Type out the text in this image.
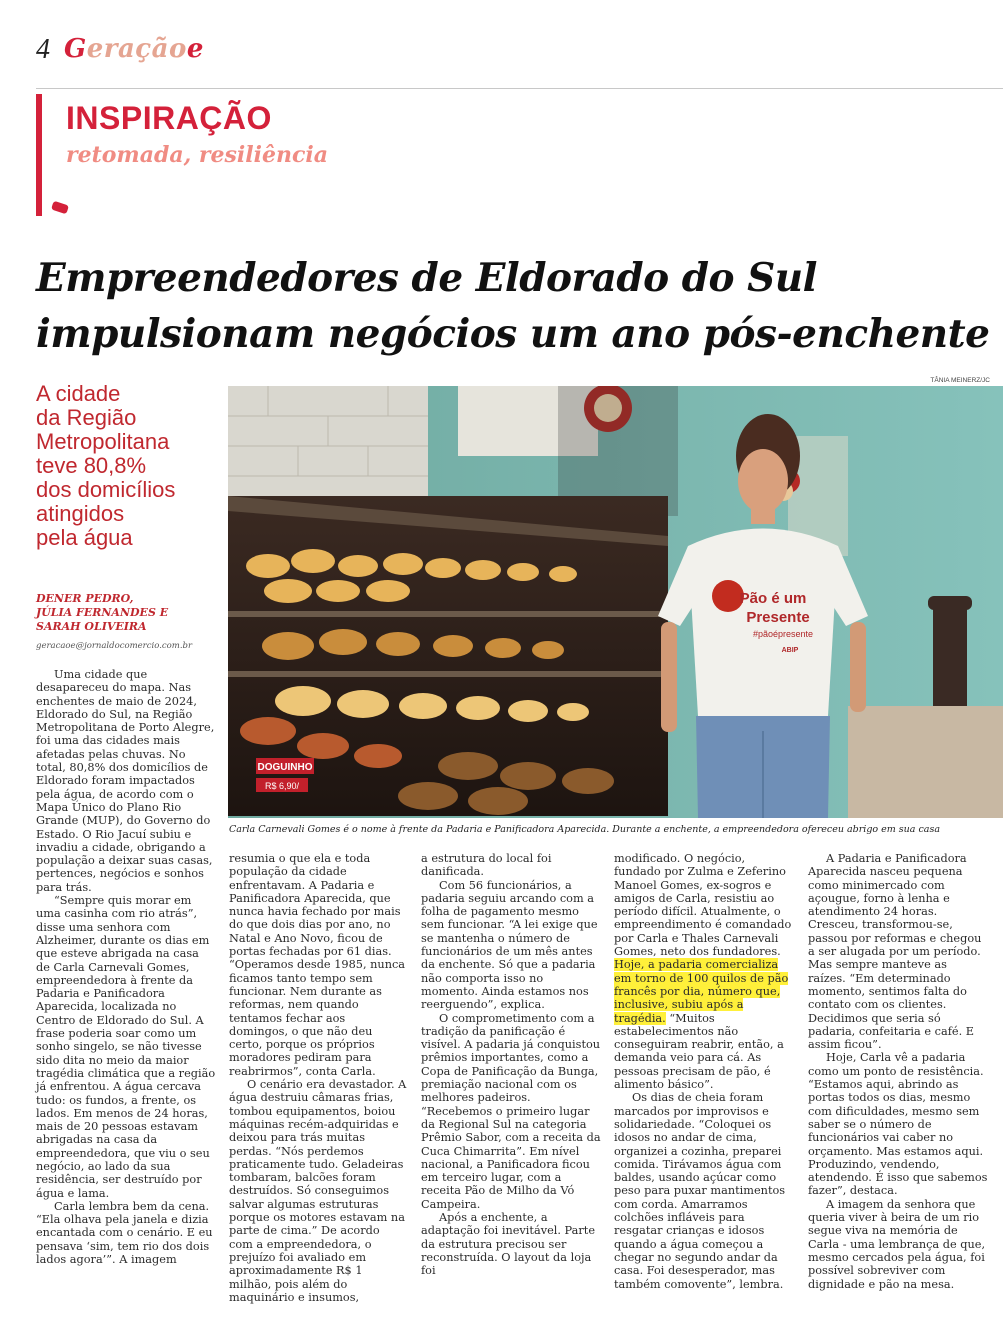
4 Geraçãoe
INSPIRAÇÃO
retomada, resiliência
Empreendedores de Eldorado do Sul
impulsionam negócios um ano pós-enchente
A cidade
da Região
Metropolitana
teve 80,8%
dos domicílios
atingidos
pela água
DENER PEDRO,
JÚLIA FERNANDES E
SARAH OLIVEIRA
geracaoe@jornaldocomercio.com.br
TÂNIA MEINERZ/JC
DOGUINHO
R$ 6,90/
Pão é um
Presente
#pãoépresente
ABIP
Carla Carnevali Gomes é o nome à frente da Padaria e Panificadora Aparecida. Durante a enchente, a empreendedora ofereceu abrigo em sua casa

Uma cidade que desapareceu do mapa. Nas enchentes de maio de 2024, Eldorado do Sul, na Região Metropolitana de Porto Alegre, foi uma das cidades mais afetadas pelas chuvas. No total, 80,8% dos domicílios de Eldorado foram impactados pela água, de acordo com o Mapa Único do Plano Rio Grande (MUP), do Governo do Estado. O Rio Jacuí subiu e invadiu a cidade, obrigando a população a deixar suas casas, pertences, negócios e sonhos para trás.

“Sempre quis morar em uma casinha com rio atrás”, disse uma senhora com Alzheimer, durante os dias em que esteve abrigada na casa de Carla Carnevali Gomes, empreendedora à frente da Padaria e Panificadora Aparecida, localizada no Centro de Eldorado do Sul. A frase poderia soar como um sonho singelo, se não tivesse sido dita no meio da maior tragédia climática que a região já enfrentou. A água cercava tudo: os fundos, a frente, os lados. Em menos de 24 horas, mais de 20 pessoas estavam abrigadas na casa da empreendedora, que viu o seu negócio, ao lado da sua residência, ser destruído por água e lama.

Carla lembra bem da cena. “Ela olhava pela janela e dizia encantada com o cenário. E eu pensava ‘sim, tem rio dos dois lados agora’”. A imagem

resumia o que ela e toda população da cidade enfrentavam. A Padaria e Panificadora Aparecida, que nunca havia fechado por mais do que dois dias por ano, no Natal e Ano Novo, ficou de portas fechadas por 61 dias. “Operamos desde 1985, nunca ficamos tanto tempo sem funcionar. Nem durante as reformas, nem quando tentamos fechar aos domingos, o que não deu certo, porque os próprios moradores pediram para reabrirmos”, conta Carla.

O cenário era devastador. A água destruiu câmaras frias, tombou equipamentos, boiou máquinas recém-adquiridas e deixou para trás muitas perdas. “Nós perdemos praticamente tudo. Geladeiras tombaram, balcões foram destruídos. Só conseguimos salvar algumas estruturas porque os motores estavam na parte de cima.” De acordo com a empreendedora, o prejuízo foi avaliado em aproximadamente R$ 1 milhão, pois além do maquinário e insumos,

a estrutura do local foi danificada.

Com 56 funcionários, a padaria seguiu arcando com a folha de pagamento mesmo sem funcionar. “A lei exige que se mantenha o número de funcionários de um mês antes da enchente. Só que a padaria não comporta isso no momento. Ainda estamos nos reerguendo”, explica.

O comprometimento com a tradição da panificação é visível. A padaria já conquistou prêmios importantes, como a Copa de Panificação da Bunga, premiação nacional com os melhores padeiros. “Recebemos o primeiro lugar da Regional Sul na categoria Prêmio Sabor, com a receita da Cuca Chimarrita”. Em nível nacional, a Panificadora ficou em terceiro lugar, com a receita Pão de Milho da Vó Campeira.

Após a enchente, a adaptação foi inevitável. Parte da estrutura precisou ser reconstruída. O layout da loja foi

modificado. O negócio, fundado por Zulma e Zeferino Manoel Gomes, ex-sogros e amigos de Carla, resistiu ao período difícil. Atualmente, o empreendimento é comandado por Carla e Thales Carnevali Gomes, neto dos fundadores. Hoje, a padaria comercializa em torno de 100 quilos de pão francês por dia, número que, inclusive, subiu após a tragédia. “Muitos estabelecimentos não conseguiram reabrir, então, a demanda veio para cá. As pessoas precisam de pão, é alimento básico”.

Os dias de cheia foram marcados por improvisos e solidariedade. “Coloquei os idosos no andar de cima, organizei a cozinha, preparei comida. Tirávamos água com baldes, usando açúcar como peso para puxar mantimentos com corda. Amarramos colchões infláveis para resgatar crianças e idosos quando a água começou a chegar no segundo andar da casa. Foi desesperador, mas também comovente”, lembra.

A Padaria e Panificadora Aparecida nasceu pequena como minimercado com açougue, forno à lenha e atendimento 24 horas. Cresceu, transformou-se, passou por reformas e chegou a ser alugada por um período. Mas sempre manteve as raízes. “Em determinado momento, sentimos falta do contato com os clientes. Decidimos que seria só padaria, confeitaria e café. E assim ficou”.

Hoje, Carla vê a padaria como um ponto de resistência. “Estamos aqui, abrindo as portas todos os dias, mesmo com dificuldades, mesmo sem saber se o número de funcionários vai caber no orçamento. Mas estamos aqui. Produzindo, vendendo, atendendo. É isso que sabemos fazer”, destaca.

A imagem da senhora que queria viver à beira de um rio segue viva na memória de Carla - uma lembrança de que, mesmo cercados pela água, foi possível sobreviver com dignidade e pão na mesa.
